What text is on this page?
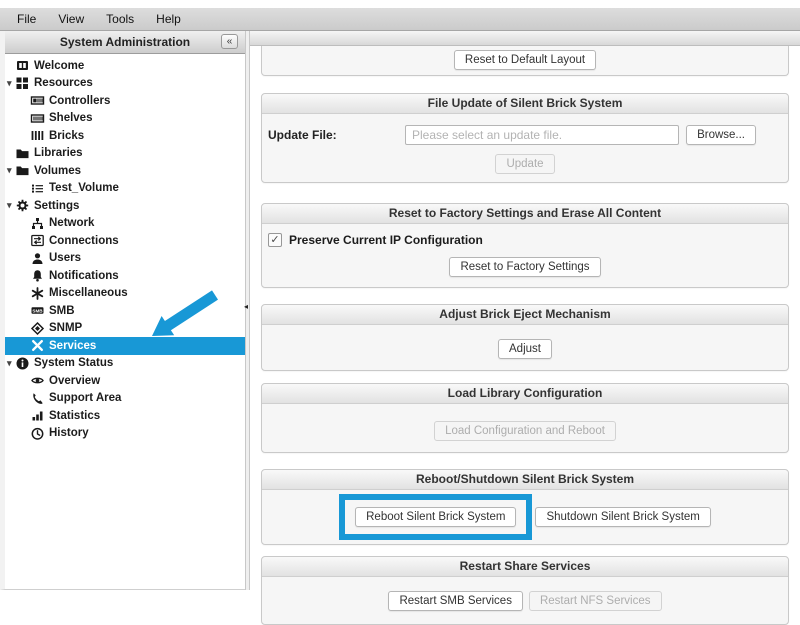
File	View	Tools	Help
System Administration	«
Welcome
▾	Resources
Controllers
Shelves
Bricks
Libraries
▾	Volumes
Test_Volume
▾	Settings
Network
Connections
Users
Notifications
Miscellaneous
SMB SMB
SNMP
Services
▾	System Status
Overview
Support Area
Statistics
History
◂
Reset to Default Layout
File Update of Silent Brick System
Update File:
Please select an update file.	Browse...
Update
Reset to Factory Settings and Erase All Content
✓ Preserve Current IP Configuration
Reset to Factory Settings
Adjust Brick Eject Mechanism
Adjust
Load Library Configuration
Load Configuration and Reboot
Reboot/Shutdown Silent Brick System
Reboot Silent Brick System	Shutdown Silent Brick System
Restart Share Services
Restart SMB Services	Restart NFS Services
